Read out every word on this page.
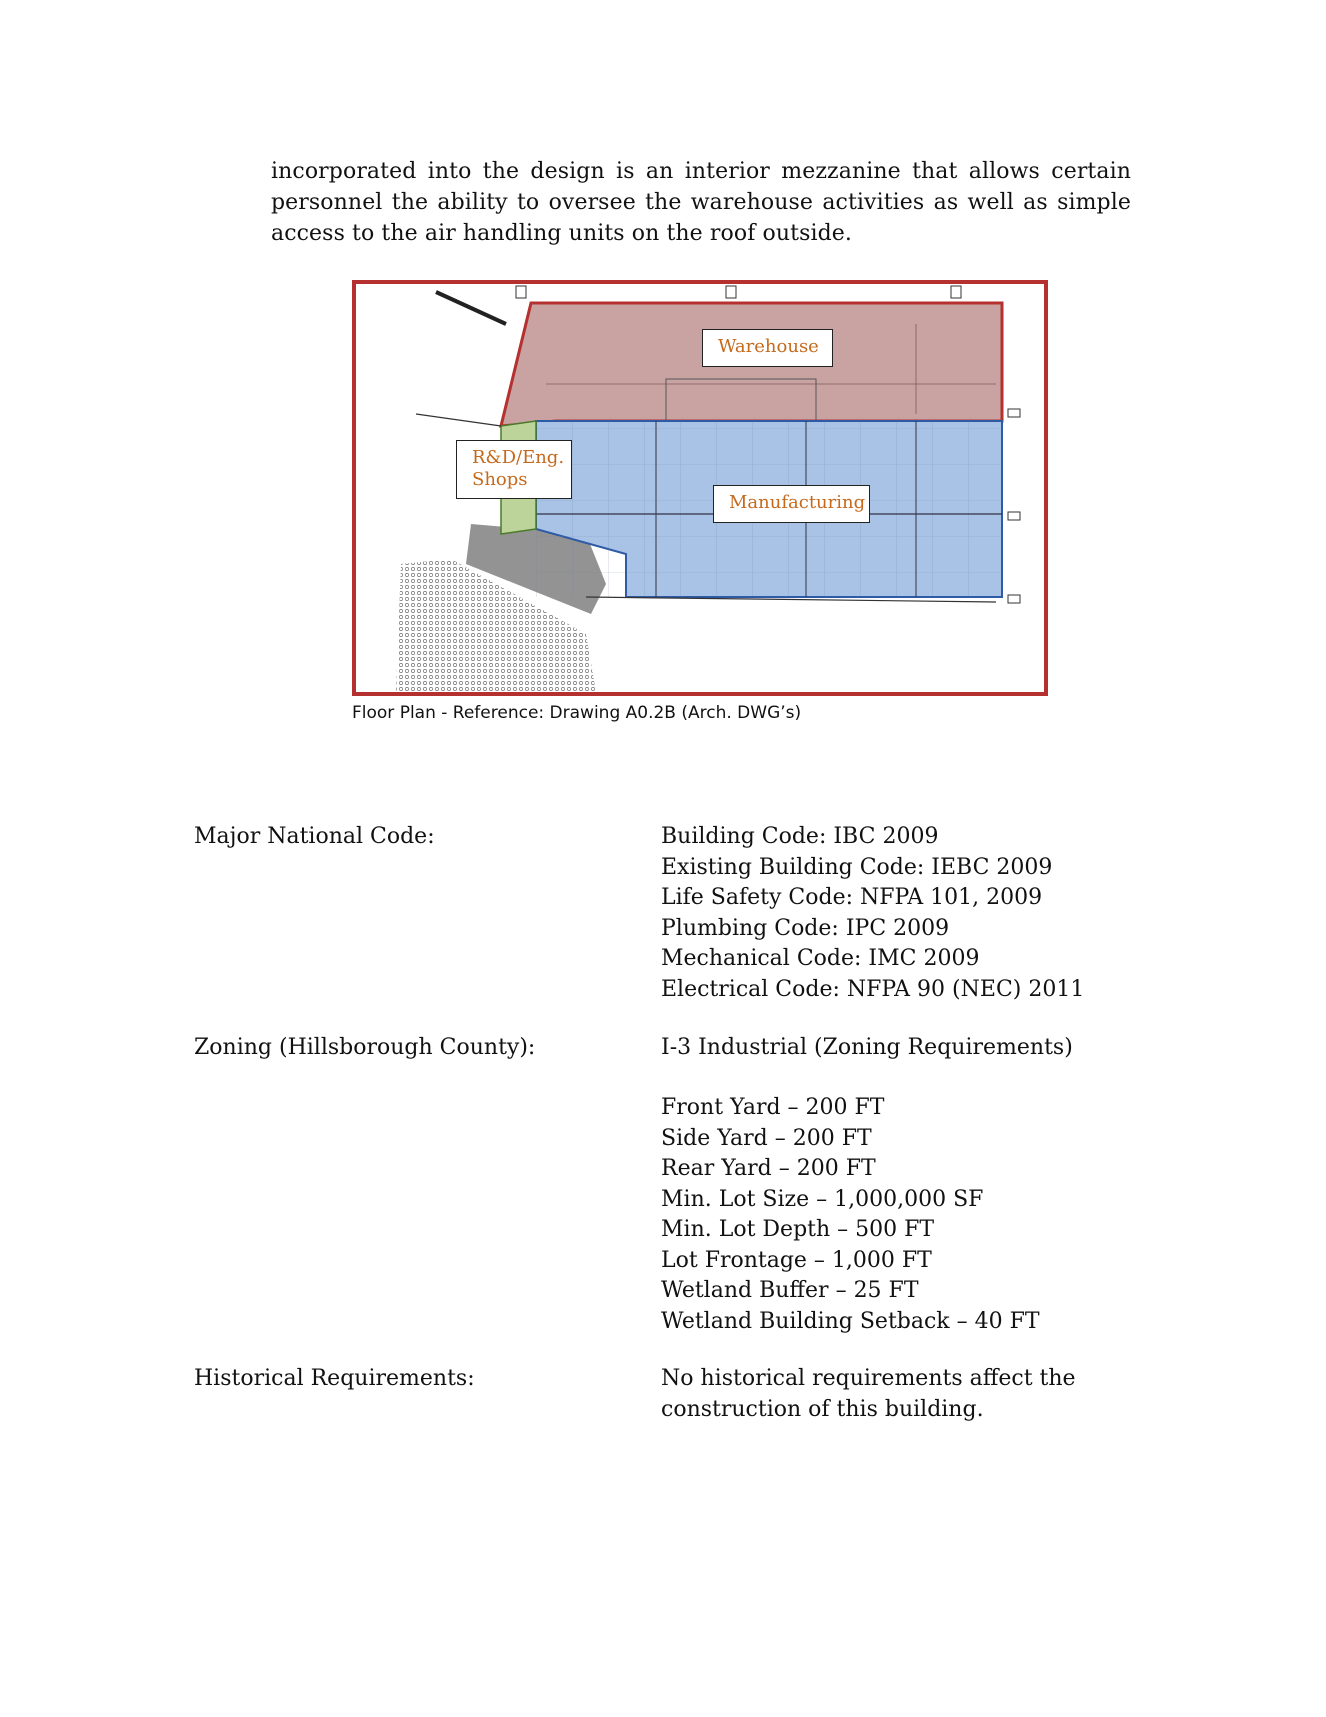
incorporated into the design is an interior mezzanine that allows certain
personnel the ability to oversee the warehouse activities as well as simple
access to the air handling units on the roof outside.
Warehouse
R&D/Eng.
Shops
Manufacturing
Floor Plan - Reference: Drawing A0.2B (Arch. DWG’s)
Major National Code:	Building Code: IBC 2009
Existing Building Code: IEBC 2009
Life Safety Code: NFPA 101, 2009
Plumbing Code: IPC 2009
Mechanical Code: IMC 2009
Electrical Code: NFPA 90 (NEC) 2011
Zoning (Hillsborough County):	I-3 Industrial (Zoning Requirements)
Front Yard – 200 FT
Side Yard – 200 FT
Rear Yard – 200 FT
Min. Lot Size – 1,000,000 SF
Min. Lot Depth – 500 FT
Lot Frontage – 1,000 FT
Wetland Buffer – 25 FT
Wetland Building Setback – 40 FT
Historical Requirements:	No historical requirements affect the
construction of this building.
